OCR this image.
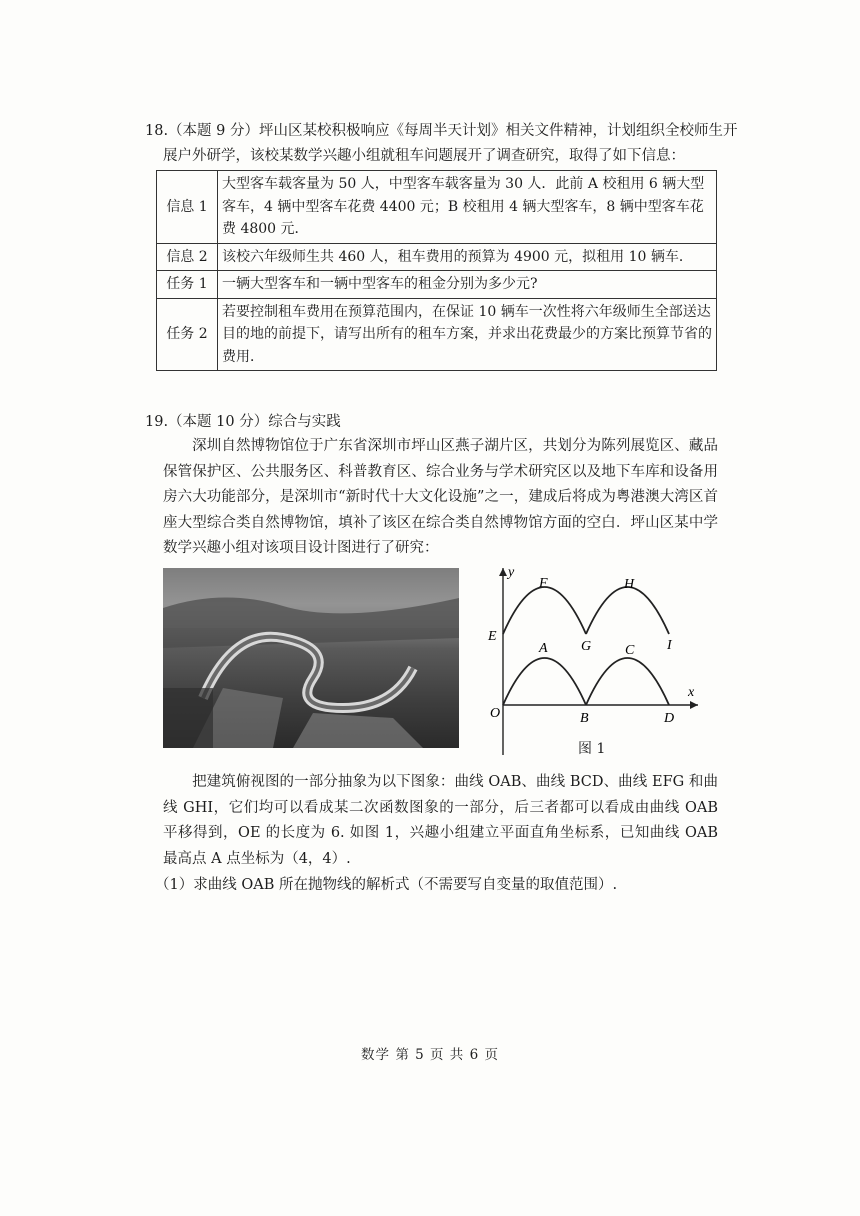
18.（本题 9 分）坪山区某校积极响应《每周半天计划》相关文件精神，计划组织全校师生开
展户外研学，该校某数学兴趣小组就租车问题展开了调查研究，取得了如下信息：
信息 1	大型客车载客量为 50 人，中型客车载客量为 30 人．此前 A 校租用 6 辆大型客车，4 辆中型客车花费 4400 元；B 校租用 4 辆大型客车，8 辆中型客车花费 4800 元．
信息 2	该校六年级师生共 460 人，租车费用的预算为 4900 元，拟租用 10 辆车．
任务 1	一辆大型客车和一辆中型客车的租金分别为多少元?
任务 2	若要控制租车费用在预算范围内，在保证 10 辆车一次性将六年级师生全部送达目的地的前提下，请写出所有的租车方案，并求出花费最少的方案比预算节省的费用．
19.（本题 10 分）综合与实践
深圳自然博物馆位于广东省深圳市坪山区燕子湖片区，共划分为陈列展览区、藏品保管保护区、公共服务区、科普教育区、综合业务与学术研究区以及地下车库和设备用房六大功能部分，是深圳市“新时代十大文化设施”之一，建成后将成为粤港澳大湾区首座大型综合类自然博物馆，填补了该区在综合类自然博物馆方面的空白．坪山区某中学数学兴趣小组对该项目设计图进行了研究：
y
x
O
A
B
C
D
E
F
G
H
I
图 1
把建筑俯视图的一部分抽象为以下图象：曲线 OAB、曲线 BCD、曲线 EFG 和曲线 GHI，它们均可以看成某二次函数图象的一部分，后三者都可以看成由曲线 OAB 平移得到，OE 的长度为 6. 如图 1，兴趣小组建立平面直角坐标系，已知曲线 OAB 最高点 A 点坐标为（4，4）.
（1）求曲线 OAB 所在抛物线的解析式（不需要写自变量的取值范围）.
数学 第 5 页 共 6 页
